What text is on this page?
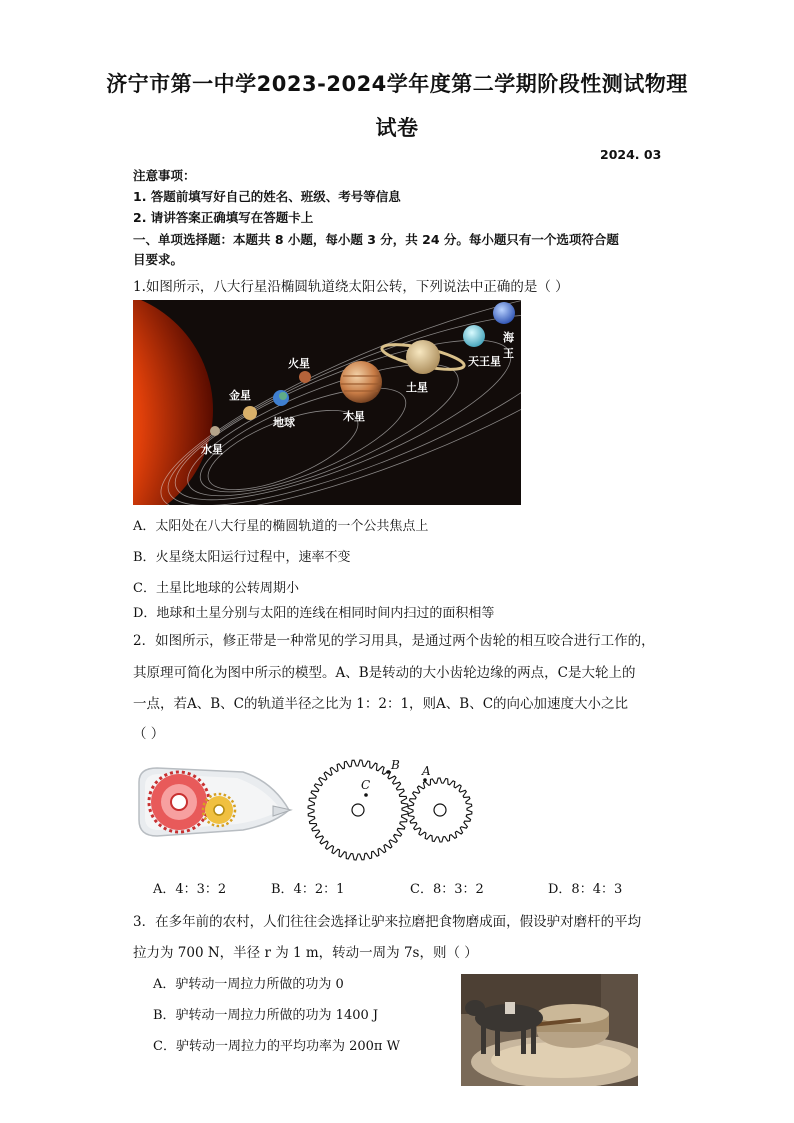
济宁市第一中学2023-2024学年度第二学期阶段性测试物理
试卷
2024. 03
注意事项：
1. 答题前填写好自己的姓名、班级、考号等信息
2. 请讲答案正确填写在答题卡上
一、单项选择题：本题共 8 小题，每小题 3 分，共 24 分。每小题只有一个选项符合题
目要求。
1.如图所示，八大行星沿椭圆轨道绕太阳公转，下列说法中正确的是（ ）
水星
金星
地球
火星
木星
土星
天王星
海王
A．太阳处在八大行星的椭圆轨道的一个公共焦点上
B．火星绕太阳运行过程中，速率不变
C．土星比地球的公转周期小
D．地球和土星分别与太阳的连线在相同时间内扫过的面积相等
2．如图所示，修正带是一种常见的学习用具，是通过两个齿轮的相互咬合进行工作的，
其原理可简化为图中所示的模型。A、B是转动的大小齿轮边缘的两点，C是大轮上的
一点，若A、B、C的轨道半径之比为 1：2：1，则A、B、C的向心加速度大小之比
（ ）
B A
C
A．4：3：2	B．4：2：1	C．8：3：2	D．8：4：3
3．在多年前的农村，人们往往会选择让驴来拉磨把食物磨成面，假设驴对磨杆的平均
拉力为 700 N，半径 r 为 1 m，转动一周为 7s，则（ ）
A．驴转动一周拉力所做的功为 0
B．驴转动一周拉力所做的功为 1400 J
C．驴转动一周拉力的平均功率为 200π W
